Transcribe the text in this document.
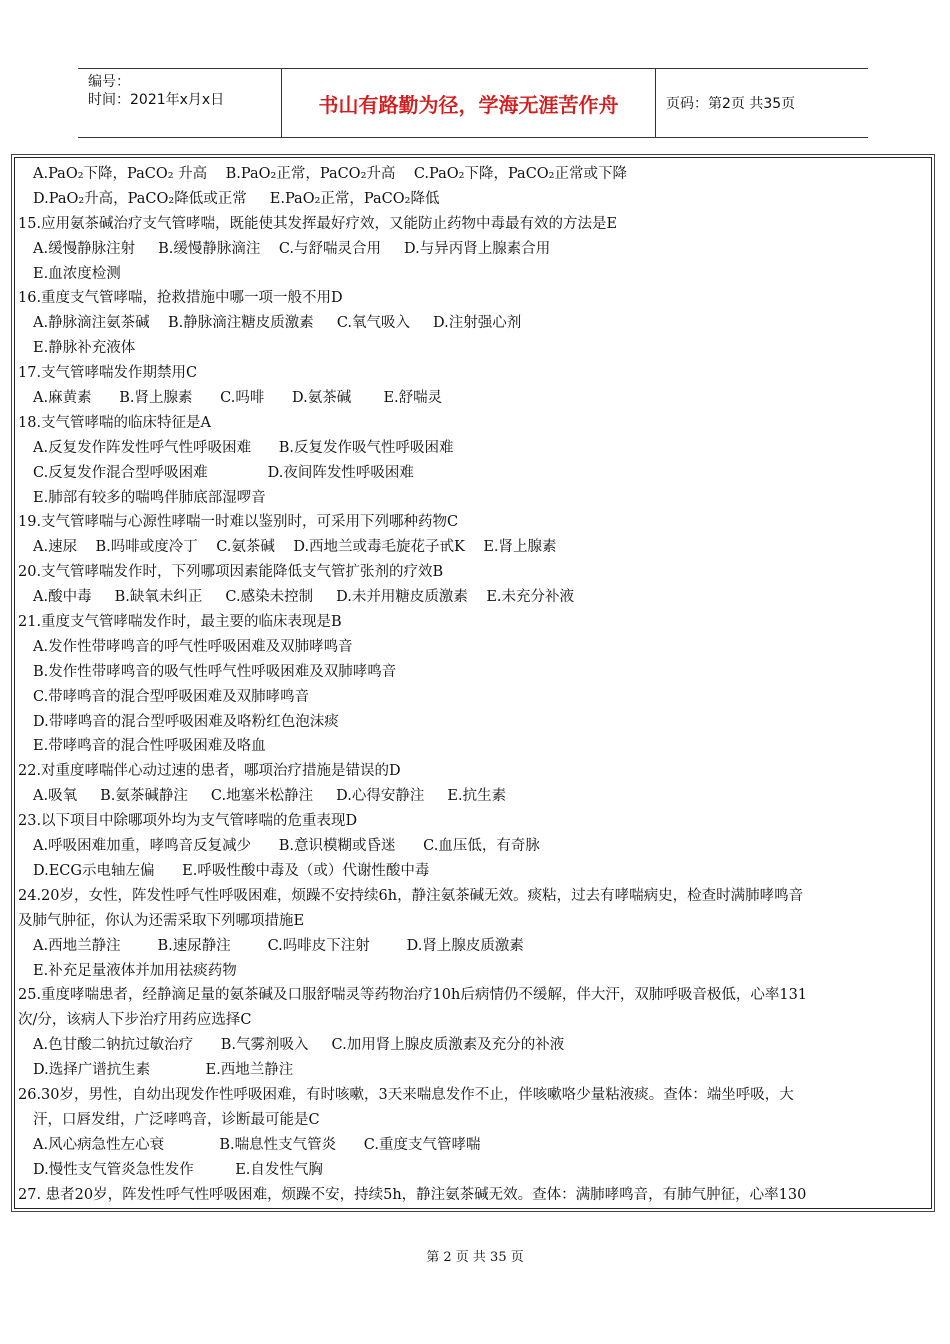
编号：
时间：2021年x月x日	书山有路勤为径，学海无涯苦作舟	页码：第2页 共35页
A.PaO₂下降，PaCO₂ 升高    B.PaO₂正常，PaCO₂升高    C.PaO₂下降，PaCO₂正常或下降
D.PaO₂升高，PaCO₂降低或正常     E.PaO₂正常，PaCO₂降低
15.应用氨茶碱治疗支气管哮喘，既能使其发挥最好疗效，又能防止药物中毒最有效的方法是E
A.缓慢静脉注射     B.缓慢静脉滴注    C.与舒喘灵合用     D.与异丙肾上腺素合用
E.血浓度检测
16.重度支气管哮喘，抢救措施中哪一项一般不用D
A.静脉滴注氨茶碱    B.静脉滴注糖皮质激素     C.氧气吸入     D.注射强心剂
E.静脉补充液体
17.支气管哮喘发作期禁用C
A.麻黄素      B.肾上腺素      C.吗啡      D.氨茶碱       E.舒喘灵
18.支气管哮喘的临床特征是A
A.反复发作阵发性呼气性呼吸困难      B.反复发作吸气性呼吸困难
C.反复发作混合型呼吸困难             D.夜间阵发性呼吸困难
E.肺部有较多的喘鸣伴肺底部湿啰音
19.支气管哮喘与心源性哮喘一时难以鉴别时，可采用下列哪种药物C
A.速尿    B.吗啡或度冷丁    C.氨茶碱    D.西地兰或毒毛旋花子甙K    E.肾上腺素
20.支气管哮喘发作时，下列哪项因素能降低支气管扩张剂的疗效B
A.酸中毒     B.缺氧未纠正     C.感染未控制     D.未并用糖皮质激素    E.未充分补液
21.重度支气管哮喘发作时，最主要的临床表现是B
A.发作性带哮鸣音的呼气性呼吸困难及双肺哮鸣音
B.发作性带哮鸣音的吸气性呼气性呼吸困难及双肺哮鸣音
C.带哮鸣音的混合型呼吸困难及双肺哮鸣音
D.带哮鸣音的混合型呼吸困难及咯粉红色泡沫痰
E.带哮鸣音的混合性呼吸困难及咯血
22.对重度哮喘伴心动过速的患者，哪项治疗措施是错误的D
A.吸氧     B.氨茶碱静注     C.地塞米松静注     D.心得安静注     E.抗生素
23.以下项目中除哪项外均为支气管哮喘的危重表现D
A.呼吸困难加重，哮鸣音反复减少      B.意识模糊或昏迷      C.血压低，有奇脉
D.ECG示电轴左偏      E.呼吸性酸中毒及（或）代谢性酸中毒
24.20岁，女性，阵发性呼气性呼吸困难，烦躁不安持续6h，静注氨茶碱无效。痰粘，过去有哮喘病史，检查时满肺哮鸣音
及肺气肿征，你认为还需采取下列哪项措施E
A.西地兰静注        B.速尿静注        C.吗啡皮下注射        D.肾上腺皮质激素
E.补充足量液体并加用祛痰药物
25.重度哮喘患者，经静滴足量的氨茶碱及口服舒喘灵等药物治疗10h后病情仍不缓解，伴大汗，双肺呼吸音极低，心率131
次/分，该病人下步治疗用药应选择C
A.色甘酸二钠抗过敏治疗      B.气雾剂吸入     C.加用肾上腺皮质激素及充分的补液
D.选择广谱抗生素            E.西地兰静注
26.30岁，男性，自幼出现发作性呼吸困难，有时咳嗽，3天来喘息发作不止，伴咳嗽咯少量粘液痰。查体：端坐呼吸，大
汗，口唇发绀，广泛哮鸣音，诊断最可能是C
A.风心病急性左心衰            B.喘息性支气管炎      C.重度支气管哮喘
D.慢性支气管炎急性发作         E.自发性气胸
27. 患者20岁，阵发性呼气性呼吸困难，烦躁不安，持续5h，静注氨茶碱无效。查体：满肺哮鸣音，有肺气肿征，心率130
第 2 页 共 35 页
